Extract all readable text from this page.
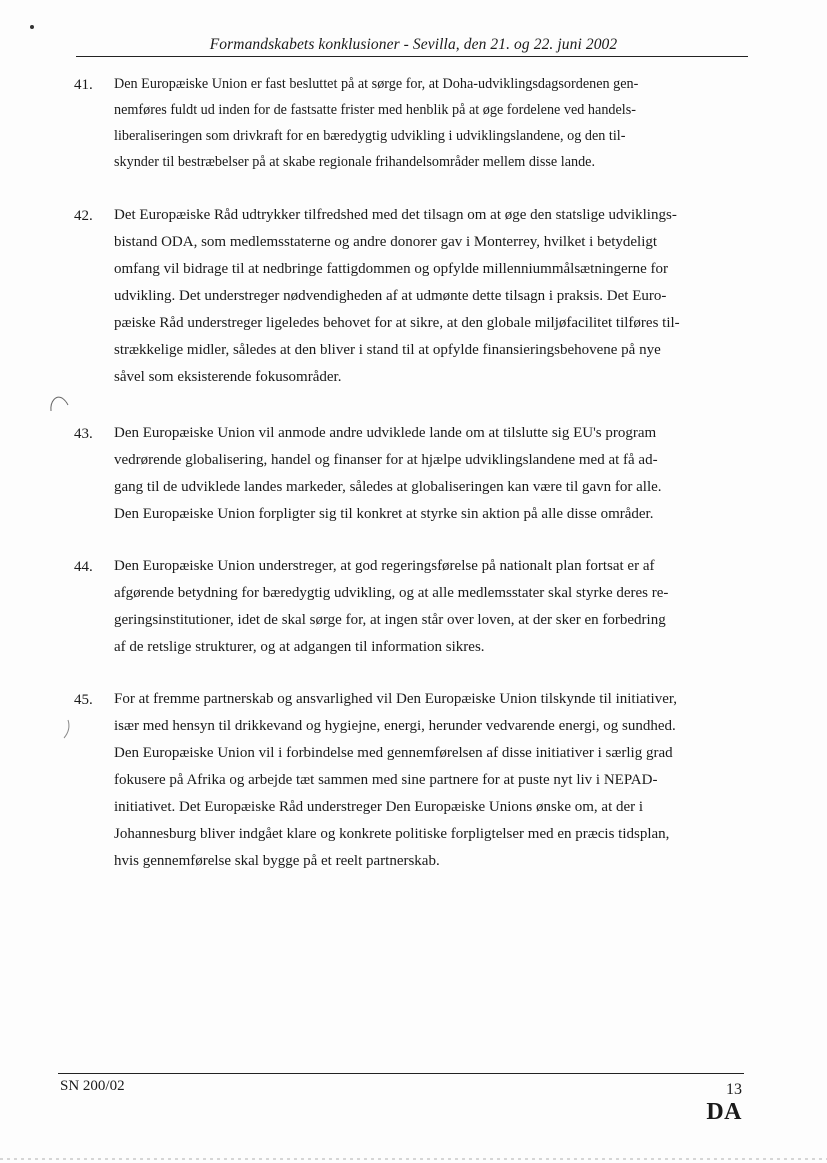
Formandskabets konklusioner - Sevilla, den 21. og 22. juni 2002
41. Den Europæiske Union er fast besluttet på at sørge for, at Doha-udviklingsdagsordenen gen-
nemføres fuldt ud inden for de fastsatte frister med henblik på at øge fordelene ved handels-
liberaliseringen som drivkraft for en bæredygtig udvikling i udviklingslandene, og den til-
skynder til bestræbelser på at skabe regionale frihandelsområder mellem disse lande.
42. Det Europæiske Råd udtrykker tilfredshed med det tilsagn om at øge den statslige udviklings-
bistand ODA, som medlemsstaterne og andre donorer gav i Monterrey, hvilket i betydeligt
omfang vil bidrage til at nedbringe fattigdommen og opfylde millenniummålsætningerne for
udvikling. Det understreger nødvendigheden af at udmønte dette tilsagn i praksis. Det Euro-
pæiske Råd understreger ligeledes behovet for at sikre, at den globale miljøfacilitet tilføres til-
strækkelige midler, således at den bliver i stand til at opfylde finansieringsbehovene på nye
såvel som eksisterende fokusområder.
43. Den Europæiske Union vil anmode andre udviklede lande om at tilslutte sig EU's program
vedrørende globalisering, handel og finanser for at hjælpe udviklingslandene med at få ad-
gang til de udviklede landes markeder, således at globaliseringen kan være til gavn for alle.
Den Europæiske Union forpligter sig til konkret at styrke sin aktion på alle disse områder.
44. Den Europæiske Union understreger, at god regeringsførelse på nationalt plan fortsat er af
afgørende betydning for bæredygtig udvikling, og at alle medlemsstater skal styrke deres re-
geringsinstitutioner, idet de skal sørge for, at ingen står over loven, at der sker en forbedring
af de retslige strukturer, og at adgangen til information sikres.
45. For at fremme partnerskab og ansvarlighed vil Den Europæiske Union tilskynde til initiativer,
især med hensyn til drikkevand og hygiejne, energi, herunder vedvarende energi, og sundhed.
Den Europæiske Union vil i forbindelse med gennemførelsen af disse initiativer i særlig grad
fokusere på Afrika og arbejde tæt sammen med sine partnere for at puste nyt liv i NEPAD-
initiativet. Det Europæiske Råd understreger Den Europæiske Unions ønske om, at der i
Johannesburg bliver indgået klare og konkrete politiske forpligtelser med en præcis tidsplan,
hvis gennemførelse skal bygge på et reelt partnerskab.
SN 200/02	13
DA
